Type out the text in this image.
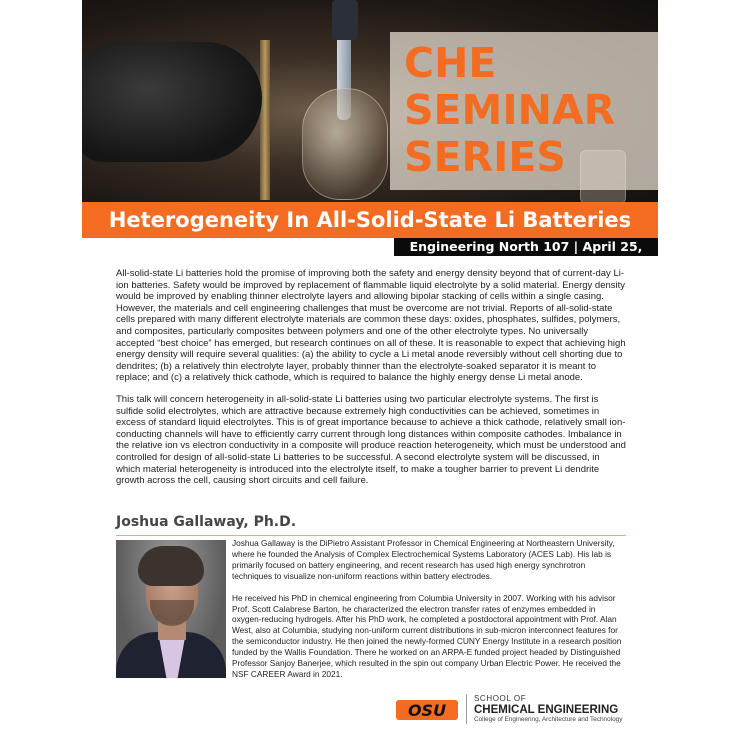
CHE
SEMINAR
SERIES
Heterogeneity In All-Solid-State Li Batteries
Engineering North 107 | April 25, 3pm

All-solid-state Li batteries hold the promise of improving both the safety and energy density beyond that of current-day Li-ion batteries. Safety would be improved by replacement of flammable liquid electrolyte by a solid material. Energy density would be improved by enabling thinner electrolyte layers and allowing bipolar stacking of cells within a single casing. However, the materials and cell engineering challenges that must be overcome are not trivial. Reports of all-solid-state cells prepared with many different electrolyte materials are common these days: oxides, phosphates, sulfides, polymers, and composites, particularly composites between polymers and one of the other electrolyte types. No universally accepted “best choice” has emerged, but research continues on all of these. It is reasonable to expect that achieving high energy density will require several qualities: (a) the ability to cycle a Li metal anode reversibly without cell shorting due to dendrites; (b) a relatively thin electrolyte layer, probably thinner than the electrolyte-soaked separator it is meant to replace; and (c) a relatively thick cathode, which is required to balance the highly energy dense Li metal anode.

This talk will concern heterogeneity in all-solid-state Li batteries using two particular electrolyte systems. The first is sulfide solid electrolytes, which are attractive because extremely high conductivities can be achieved, sometimes in excess of standard liquid electrolytes. This is of great importance because to achieve a thick cathode, relatively small ion-conducting channels will have to efficiently carry current through long distances within composite cathodes. Imbalance in the relative ion vs electron conductivity in a composite will produce reaction heterogeneity, which must be understood and controlled for design of all-solid-state Li batteries to be successful. A second electrolyte system will be discussed, in which material heterogeneity is introduced into the electrolyte itself, to make a tougher barrier to prevent Li dendrite growth across the cell, causing short circuits and cell failure.

Joshua Gallaway, Ph.D.

Joshua Gallaway is the DiPietro Assistant Professor in Chemical Engineering at Northeastern University, where he founded the Analysis of Complex Electrochemical Systems Laboratory (ACES Lab). His lab is primarily focused on battery engineering, and recent research has used high energy synchrotron techniques to visualize non-uniform reactions within battery electrodes.

He received his PhD in chemical engineering from Columbia University in 2007. Working with his advisor Prof. Scott Calabrese Barton, he characterized the electron transfer rates of enzymes embedded in oxygen-reducing hydrogels. After his PhD work, he completed a postdoctoral appointment with Prof. Alan West, also at Columbia, studying non-uniform current distributions in sub-micron interconnect features for the semiconductor industry. He then joined the newly-formed CUNY Energy Institute in a research position funded by the Wallis Foundation. There he worked on an ARPA-E funded project headed by Distinguished Professor Sanjoy Banerjee, which resulted in the spin out company Urban Electric Power. He received the NSF CAREER Award in 2021.

OSU
SCHOOL OF
CHEMICAL ENGINEERING
College of Engineering, Architecture and Technology
